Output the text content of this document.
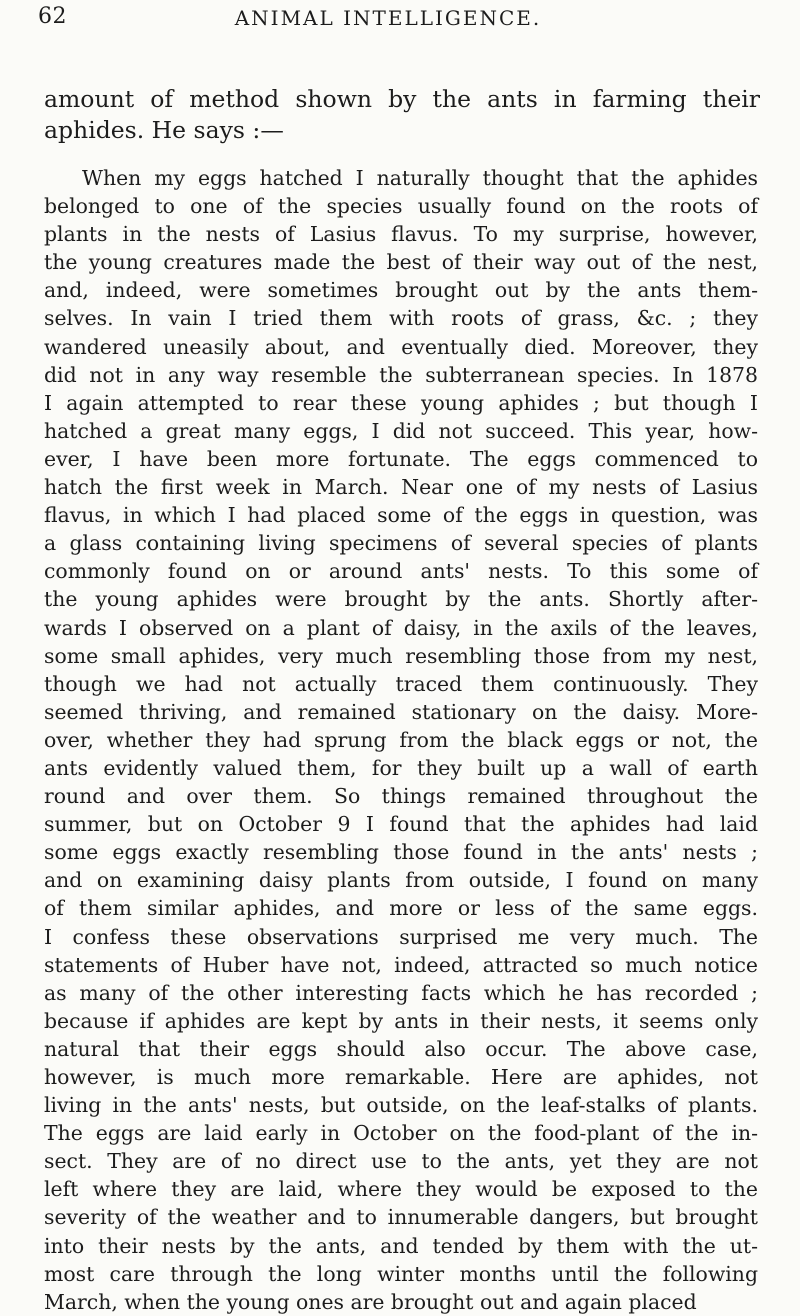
62	ANIMAL INTELLIGENCE.
amount of method shown by the ants in farming their
aphides. He says :—
When my eggs hatched I naturally thought that the aphides
belonged to one of the species usually found on the roots of
plants in the nests of Lasius flavus. To my surprise, however,
the young creatures made the best of their way out of the nest,
and, indeed, were sometimes brought out by the ants them-
selves. In vain I tried them with roots of grass, &c. ; they
wandered uneasily about, and eventually died. Moreover, they
did not in any way resemble the subterranean species. In 1878
I again attempted to rear these young aphides ; but though I
hatched a great many eggs, I did not succeed. This year, how-
ever, I have been more fortunate. The eggs commenced to
hatch the first week in March. Near one of my nests of Lasius
flavus, in which I had placed some of the eggs in question, was
a glass containing living specimens of several species of plants
commonly found on or around ants' nests. To this some of
the young aphides were brought by the ants. Shortly after-
wards I observed on a plant of daisy, in the axils of the leaves,
some small aphides, very much resembling those from my nest,
though we had not actually traced them continuously. They
seemed thriving, and remained stationary on the daisy. More-
over, whether they had sprung from the black eggs or not, the
ants evidently valued them, for they built up a wall of earth
round and over them. So things remained throughout the
summer, but on October 9 I found that the aphides had laid
some eggs exactly resembling those found in the ants' nests ;
and on examining daisy plants from outside, I found on many
of them similar aphides, and more or less of the same eggs.
I confess these observations surprised me very much. The
statements of Huber have not, indeed, attracted so much notice
as many of the other interesting facts which he has recorded ;
because if aphides are kept by ants in their nests, it seems only
natural that their eggs should also occur. The above case,
however, is much more remarkable. Here are aphides, not
living in the ants' nests, but outside, on the leaf-stalks of plants.
The eggs are laid early in October on the food-plant of the in-
sect. They are of no direct use to the ants, yet they are not
left where they are laid, where they would be exposed to the
severity of the weather and to innumerable dangers, but brought
into their nests by the ants, and tended by them with the ut-
most care through the long winter months until the following
March, when the young ones are brought out and again placed
